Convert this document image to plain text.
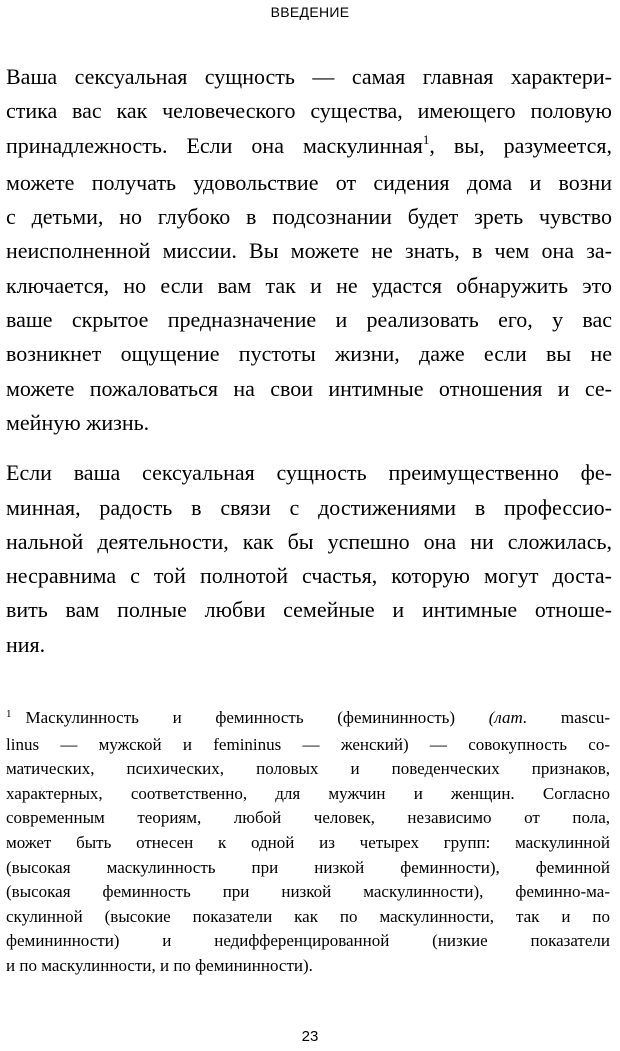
ВВЕДЕНИЕ

Ваша сексуальная сущность — самая главная характери-
стика вас как человеческого существа, имеющего половую
принадлежность. Если она маскулинная$^1$, вы, разумеется,
можете получать удовольствие от сидения дома и возни
с детьми, но глубоко в подсознании будет зреть чувство
неисполненной миссии. Вы можете не знать, в чем она за-
ключается, но если вам так и не удастся обнаружить это
ваше скрытое предназначение и реализовать его, у вас
возникнет ощущение пустоты жизни, даже если вы не
можете пожаловаться на свои интимные отношения и се-
мейную жизнь.

Если ваша сексуальная сущность преимущественно фе-
минная, радость в связи с достижениями в профессио-
нальной деятельности, как бы успешно она ни сложилась,
несравнима с той полнотой счастья, которую могут доста-
вить вам полные любви семейные и интимные отноше-
ния.

$^1$ Маскулинность и феминность (фемининность) (лат. mascu-
linus — мужской и femininus — женский) — совокупность со-
матических, психических, половых и поведенческих признаков,
характерных, соответственно, для мужчин и женщин. Согласно
современным теориям, любой человек, независимо от пола,
может быть отнесен к одной из четырех групп: маскулинной
(высокая маскулинность при низкой феминности), феминной
(высокая феминность при низкой маскулинности), феминно-ма-
скулинной (высокие показатели как по маскулинности, так и по
фемининности) и недифференцированной (низкие показатели
и по маскулинности, и по фемининности).
23
